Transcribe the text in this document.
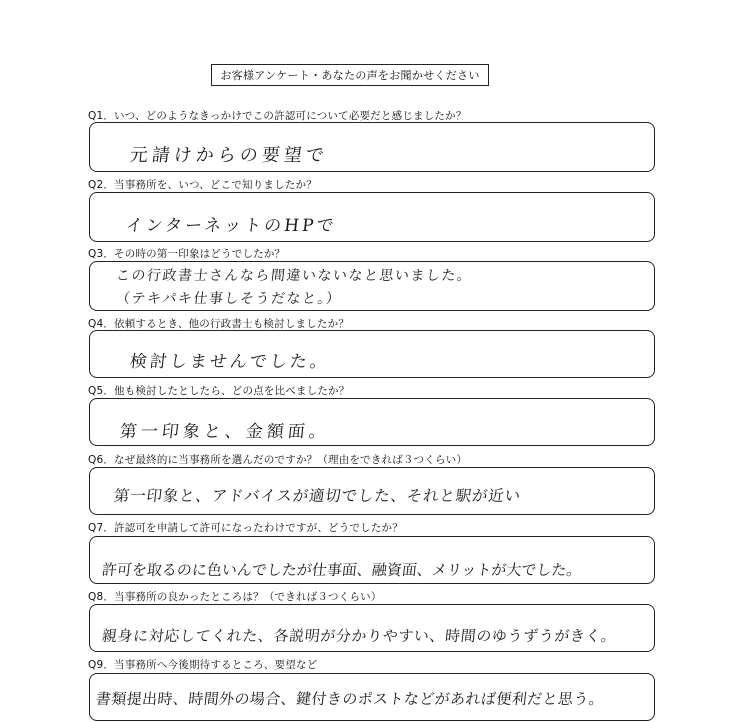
お客様アンケート・あなたの声をお聞かせください
Q1．いつ、どのようなきっかけでこの許認可について必要だと感じましたか？
元請けからの要望で
Q2．当事務所を、いつ、どこで知りましたか？
インターネットのHPで
Q3．その時の第一印象はどうでしたか？
この行政書士さんなら間違いないなと思いました。
（テキパキ仕事しそうだなと。）
Q4．依頼するとき、他の行政書士も検討しましたか？
検討しませんでした。
Q5．他も検討したとしたら、どの点を比べましたか？
第一印象と、金額面。
Q6．なぜ最終的に当事務所を選んだのですか？（理由をできれば３つくらい）
第一印象と、アドバイスが適切でした、それと駅が近い
Q7．許認可を申請して許可になったわけですが、どうでしたか？
許可を取るのに色いんでしたが仕事面、融資面、メリットが大でした。
Q8．当事務所の良かったところは？（できれば３つくらい）
親身に対応してくれた、各説明が分かりやすい、時間のゆうずうがきく。
Q9．当事務所へ今後期待するところ、要望など
書類提出時、時間外の場合、鍵付きのポストなどがあれば便利だと思う。
